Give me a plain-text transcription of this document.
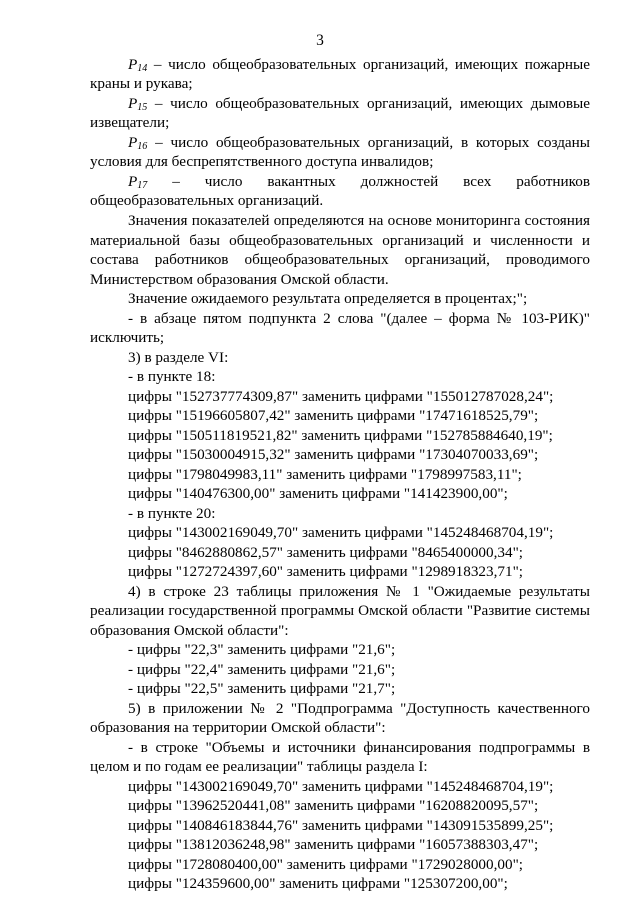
3
$P_{14}$ – число общеобразовательных организаций, имеющих пожарные
краны и рукава;
$P_{15}$ – число общеобразовательных организаций, имеющих дымовые
извещатели;
$P_{16}$ – число общеобразовательных организаций, в которых созданы
условия для беспрепятственного доступа инвалидов;
$P_{17}$ – число вакантных должностей всех работников
общеобразовательных организаций.
Значения показателей определяются на основе мониторинга состояния
материальной базы общеобразовательных организаций и численности и
состава работников общеобразовательных организаций, проводимого
Министерством образования Омской области.
Значение ожидаемого результата определяется в процентах;";
- в абзаце пятом подпункта 2 слова "(далее – форма № 103-РИК)"
исключить;
3) в разделе VI:
- в пункте 18:
цифры "152737774309,87" заменить цифрами "155012787028,24";
цифры "15196605807,42" заменить цифрами "17471618525,79";
цифры "150511819521,82" заменить цифрами "152785884640,19";
цифры "15030004915,32" заменить цифрами "17304070033,69";
цифры "1798049983,11" заменить цифрами "1798997583,11";
цифры "140476300,00" заменить цифрами "141423900,00";
- в пункте 20:
цифры "143002169049,70" заменить цифрами "145248468704,19";
цифры "8462880862,57" заменить цифрами "8465400000,34";
цифры "1272724397,60" заменить цифрами "1298918323,71";
4) в строке 23 таблицы приложения № 1 "Ожидаемые результаты
реализации государственной программы Омской области "Развитие системы
образования Омской области":
- цифры "22,3" заменить цифрами "21,6";
- цифры "22,4" заменить цифрами "21,6";
- цифры "22,5" заменить цифрами "21,7";
5) в приложении № 2 "Подпрограмма "Доступность качественного
образования на территории Омской области":
- в строке "Объемы и источники финансирования подпрограммы в
целом и по годам ее реализации" таблицы раздела I:
цифры "143002169049,70" заменить цифрами "145248468704,19";
цифры "13962520441,08" заменить цифрами "16208820095,57";
цифры "140846183844,76" заменить цифрами "143091535899,25";
цифры "13812036248,98" заменить цифрами "16057388303,47";
цифры "1728080400,00" заменить цифрами "1729028000,00";
цифры "124359600,00" заменить цифрами "125307200,00";
